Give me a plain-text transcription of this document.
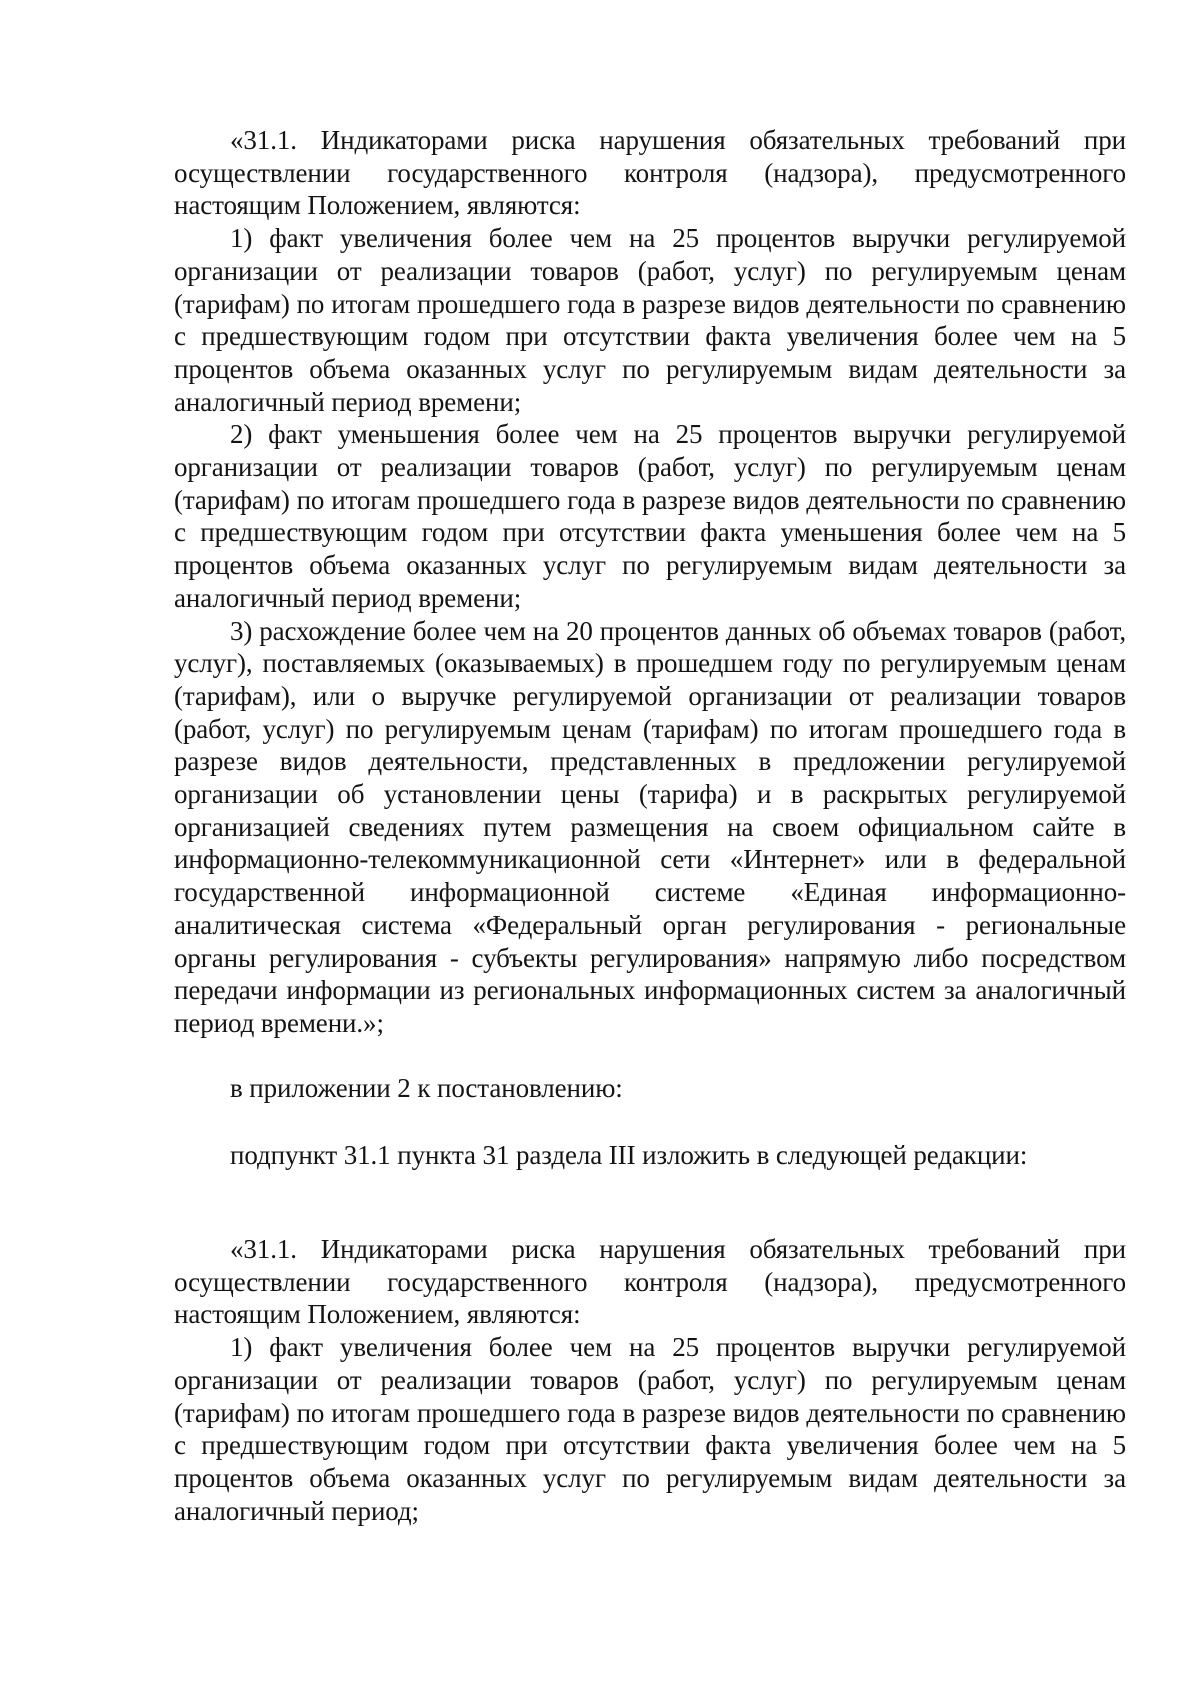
«31.1. Индикаторами риска нарушения обязательных требований при осуществлении государственного контроля (надзора), предусмотренного настоящим Положением, являются:

1) факт увеличения более чем на 25 процентов выручки регулируемой организации от реализации товаров (работ, услуг) по регулируемым ценам (тарифам) по итогам прошедшего года в разрезе видов деятельности по сравнению с предшествующим годом при отсутствии факта увеличения более чем на 5 процентов объема оказанных услуг по регулируемым видам деятельности за аналогичный период времени;

2) факт уменьшения более чем на 25 процентов выручки регулируемой организации от реализации товаров (работ, услуг) по регулируемым ценам (тарифам) по итогам прошедшего года в разрезе видов деятельности по сравнению с предшествующим годом при отсутствии факта уменьшения более чем на 5 процентов объема оказанных услуг по регулируемым видам деятельности за аналогичный период времени;

3) расхождение более чем на 20 процентов данных об объемах товаров (работ, услуг), поставляемых (оказываемых) в прошедшем году по регулируемым ценам (тарифам), или о выручке регулируемой организации от реализации товаров (работ, услуг) по регулируемым ценам (тарифам) по итогам прошедшего года в разрезе видов деятельности, представленных в предложении регулируемой организации об установлении цены (тарифа) и в раскрытых регулируемой организацией сведениях путем размещения на своем официальном сайте в информационно-телекоммуникационной сети «Интернет» или в федеральной государственной информационной системе «Единая информационно-аналитическая система «Федеральный орган регулирования - региональные органы регулирования - субъекты регулирования» напрямую либо посредством передачи информации из региональных информационных систем за аналогичный период времени.»;

в приложении 2 к постановлению:

подпункт 31.1 пункта 31 раздела III изложить в следующей редакции:

«31.1. Индикаторами риска нарушения обязательных требований при осуществлении государственного контроля (надзора), предусмотренного настоящим Положением, являются:

1) факт увеличения более чем на 25 процентов выручки регулируемой организации от реализации товаров (работ, услуг) по регулируемым ценам (тарифам) по итогам прошедшего года в разрезе видов деятельности по сравнению с предшествующим годом при отсутствии факта увеличения более чем на 5 процентов объема оказанных услуг по регулируемым видам деятельности за аналогичный период;
